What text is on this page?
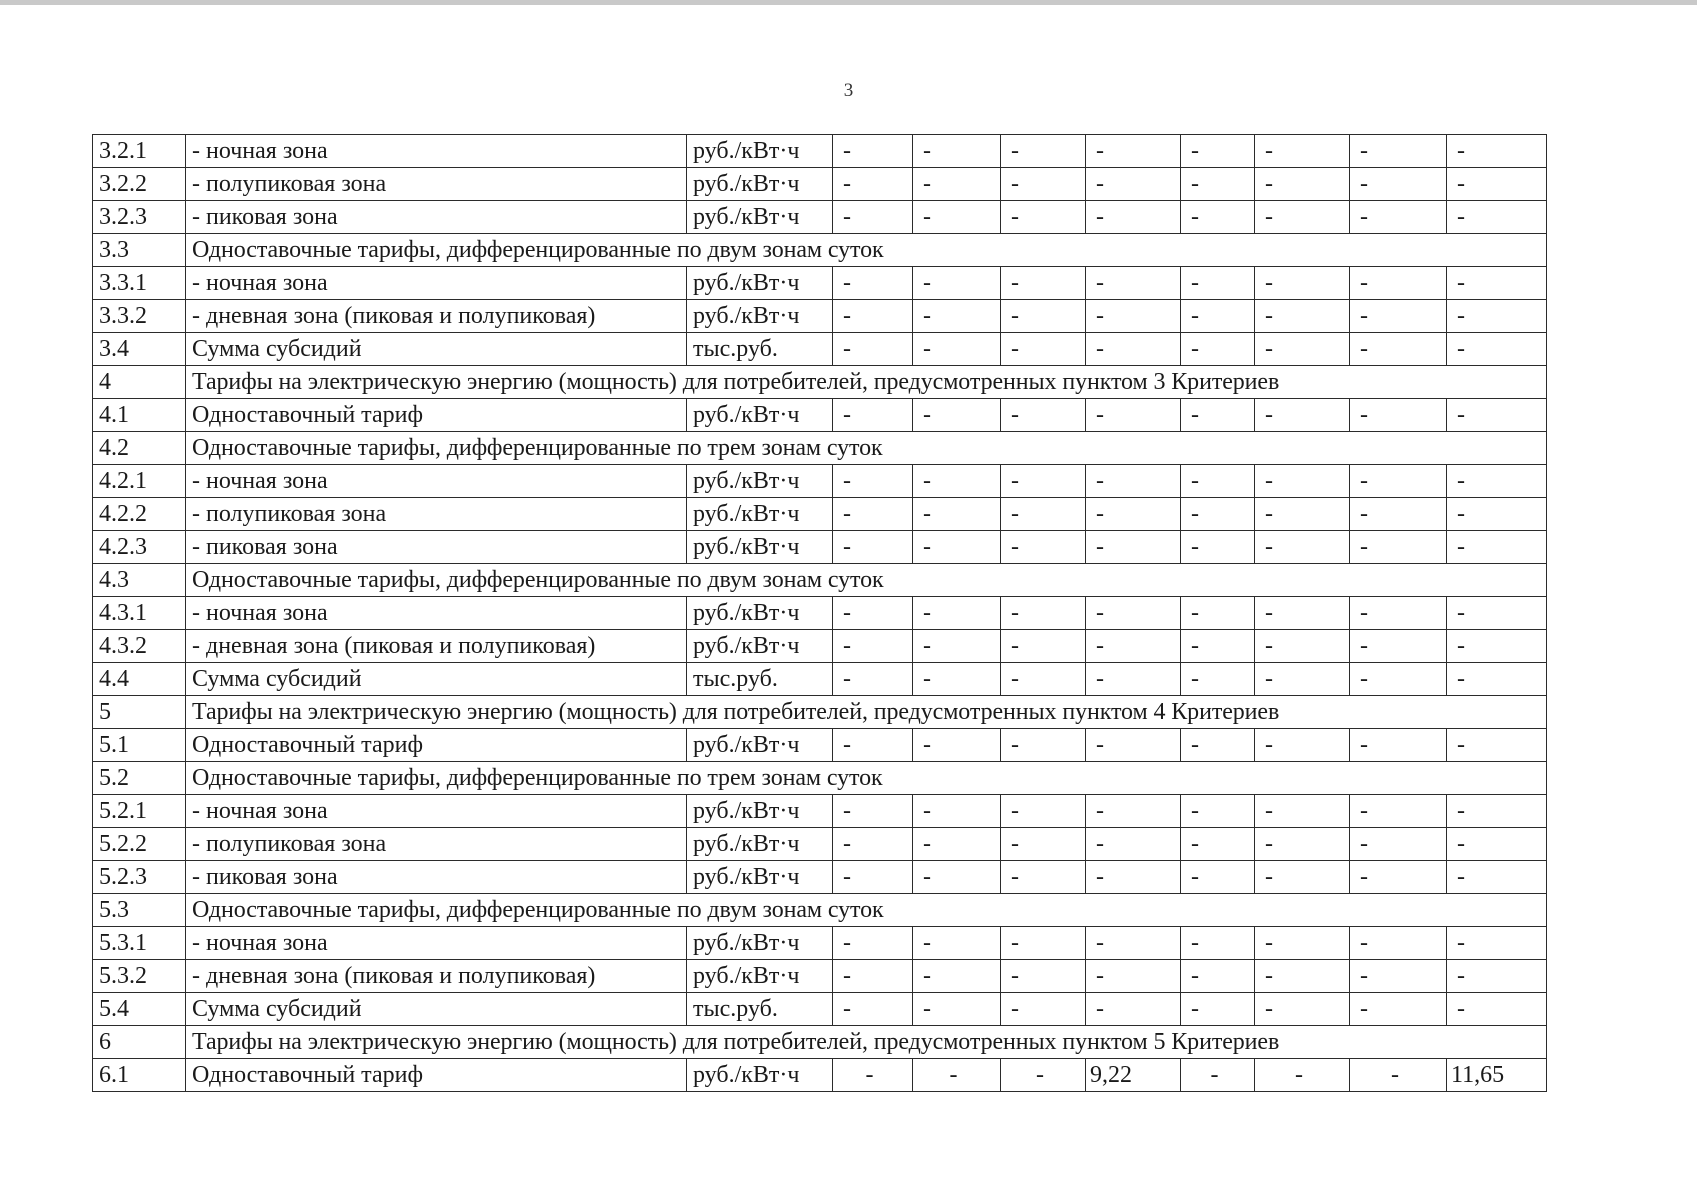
3
3.2.1	- ночная зона	руб./кВт·ч	-	-	-	-	-	-	-	-
3.2.2	- полупиковая зона	руб./кВт·ч	-	-	-	-	-	-	-	-
3.2.3	- пиковая зона	руб./кВт·ч	-	-	-	-	-	-	-	-
3.3	Одноставочные тарифы, дифференцированные по двум зонам суток									
3.3.1	- ночная зона	руб./кВт·ч	-	-	-	-	-	-	-	-
3.3.2	- дневная зона (пиковая и полупиковая)	руб./кВт·ч	-	-	-	-	-	-	-	-
3.4	Сумма субсидий	тыс.руб.	-	-	-	-	-	-	-	-
4	Тарифы на электрическую энергию (мощность) для потребителей, предусмотренных пунктом 3 Критериев									
4.1	Одноставочный тариф	руб./кВт·ч	-	-	-	-	-	-	-	-
4.2	Одноставочные тарифы, дифференцированные по трем зонам суток									
4.2.1	- ночная зона	руб./кВт·ч	-	-	-	-	-	-	-	-
4.2.2	- полупиковая зона	руб./кВт·ч	-	-	-	-	-	-	-	-
4.2.3	- пиковая зона	руб./кВт·ч	-	-	-	-	-	-	-	-
4.3	Одноставочные тарифы, дифференцированные по двум зонам суток									
4.3.1	- ночная зона	руб./кВт·ч	-	-	-	-	-	-	-	-
4.3.2	- дневная зона (пиковая и полупиковая)	руб./кВт·ч	-	-	-	-	-	-	-	-
4.4	Сумма субсидий	тыс.руб.	-	-	-	-	-	-	-	-
5	Тарифы на электрическую энергию (мощность) для потребителей, предусмотренных пунктом 4 Критериев									
5.1	Одноставочный тариф	руб./кВт·ч	-	-	-	-	-	-	-	-
5.2	Одноставочные тарифы, дифференцированные по трем зонам суток									
5.2.1	- ночная зона	руб./кВт·ч	-	-	-	-	-	-	-	-
5.2.2	- полупиковая зона	руб./кВт·ч	-	-	-	-	-	-	-	-
5.2.3	- пиковая зона	руб./кВт·ч	-	-	-	-	-	-	-	-
5.3	Одноставочные тарифы, дифференцированные по двум зонам суток									
5.3.1	- ночная зона	руб./кВт·ч	-	-	-	-	-	-	-	-
5.3.2	- дневная зона (пиковая и полупиковая)	руб./кВт·ч	-	-	-	-	-	-	-	-
5.4	Сумма субсидий	тыс.руб.	-	-	-	-	-	-	-	-
6	Тарифы на электрическую энергию (мощность) для потребителей, предусмотренных пунктом 5 Критериев									
6.1	Одноставочный тариф	руб./кВт·ч	-	-	-	9,22	-	-	-	11,65
